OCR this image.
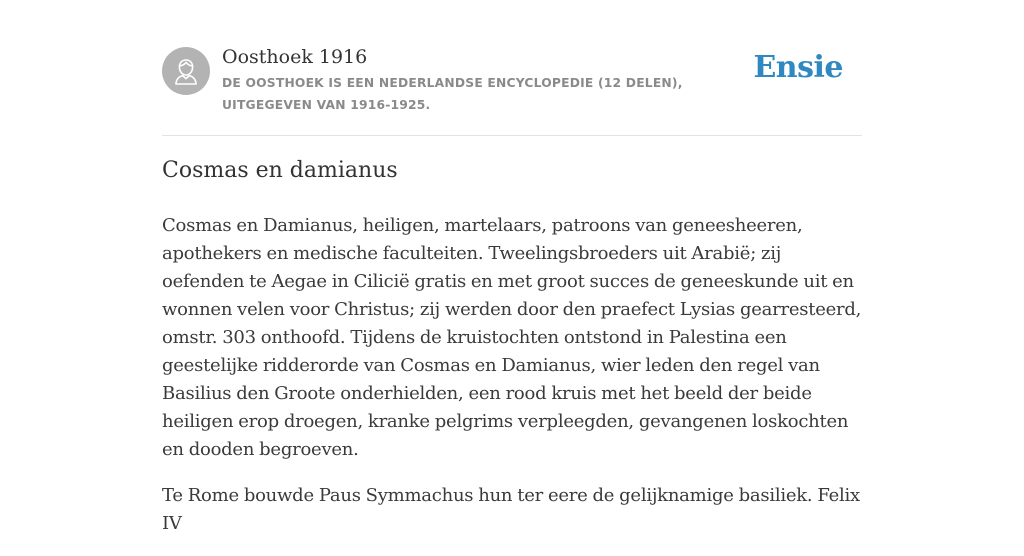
Oosthoek 1916
DE OOSTHOEK IS EEN NEDERLANDSE ENCYCLOPEDIE (12 DELEN), UITGEGEVEN VAN 1916-1925.
Ensie
Cosmas en damianus

Cosmas en Damianus, heiligen, martelaars, patroons van geneesheeren, apothekers en medische faculteiten. Tweelingsbroeders uit Arabië; zij oefenden te Aegae in Cilicië gratis en met groot succes de geneeskunde uit en wonnen velen voor Christus; zij werden door den praefect Lysias gearresteerd, omstr. 303 onthoofd. Tijdens de kruistochten ontstond in Palestina een geestelijke ridderorde van Cosmas en Damianus, wier leden den regel van Basilius den Groote onderhielden, een rood kruis met het beeld der beide heiligen erop droegen, kranke pelgrims verpleegden, gevangenen loskochten en dooden begroeven.

Te Rome bouwde Paus Symmachus hun ter eere de gelijknamige basiliek. Felix IV
